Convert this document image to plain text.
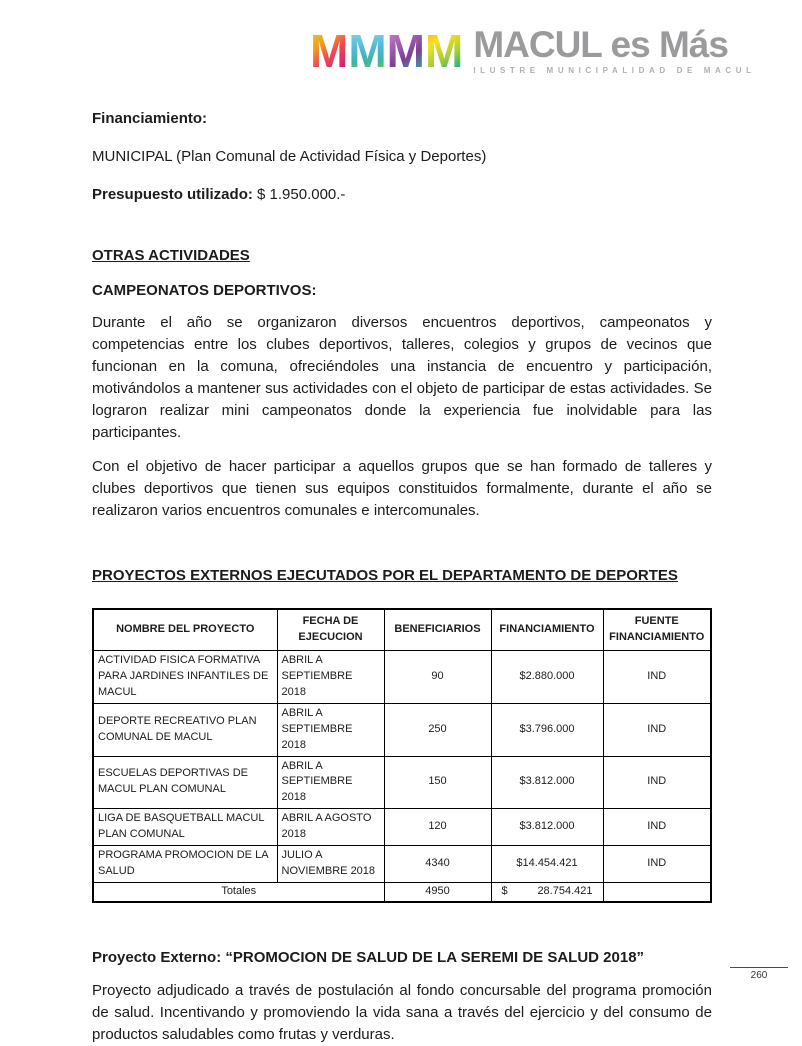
M M M M MACUL es Más
ILUSTRE MUNICIPALIDAD DE MACUL
Financiamiento:
MUNICIPAL (Plan Comunal de Actividad Física y Deportes)
Presupuesto utilizado: $ 1.950.000.-
OTRAS ACTIVIDADES
CAMPEONATOS DEPORTIVOS:

Durante el año se organizaron diversos encuentros deportivos, campeonatos y competencias entre los clubes deportivos, talleres, colegios y grupos de vecinos que funcionan en la comuna, ofreciéndoles una instancia de encuentro y participación, motivándolos a mantener sus actividades con el objeto de participar de estas actividades. Se lograron realizar mini campeonatos donde la experiencia fue inolvidable para las participantes.

Con el objetivo de hacer participar a aquellos grupos que se han formado de talleres y clubes deportivos que tienen sus equipos constituidos formalmente, durante el año se realizaron varios encuentros comunales e intercomunales.

PROYECTOS EXTERNOS EJECUTADOS POR EL DEPARTAMENTO DE DEPORTES
NOMBRE DEL PROYECTO	FECHA DE EJECUCION	BENEFICIARIOS	FINANCIAMIENTO	FUENTE FINANCIAMIENTO
ACTIVIDAD FISICA FORMATIVA PARA JARDINES INFANTILES DE MACUL	ABRIL A SEPTIEMBRE 2018	90	$2.880.000	IND
DEPORTE RECREATIVO PLAN COMUNAL DE MACUL	ABRIL A SEPTIEMBRE 2018	250	$3.796.000	IND
ESCUELAS DEPORTIVAS DE MACUL PLAN COMUNAL	ABRIL A SEPTIEMBRE 2018	150	$3.812.000	IND
LIGA DE BASQUETBALL MACUL PLAN COMUNAL	ABRIL A AGOSTO 2018	120	$3.812.000	IND
PROGRAMA PROMOCION DE LA SALUD	JULIO A NOVIEMBRE 2018	4340	$14.454.421	IND
Totales		4950	$ 28.754.421	

Proyecto Externo: “PROMOCION DE SALUD DE LA SEREMI DE SALUD 2018”

Proyecto adjudicado a través de postulación al fondo concursable del programa promoción de salud. Incentivando y promoviendo la vida sana a través del ejercicio y del consumo de productos saludables como frutas y verduras.

260
